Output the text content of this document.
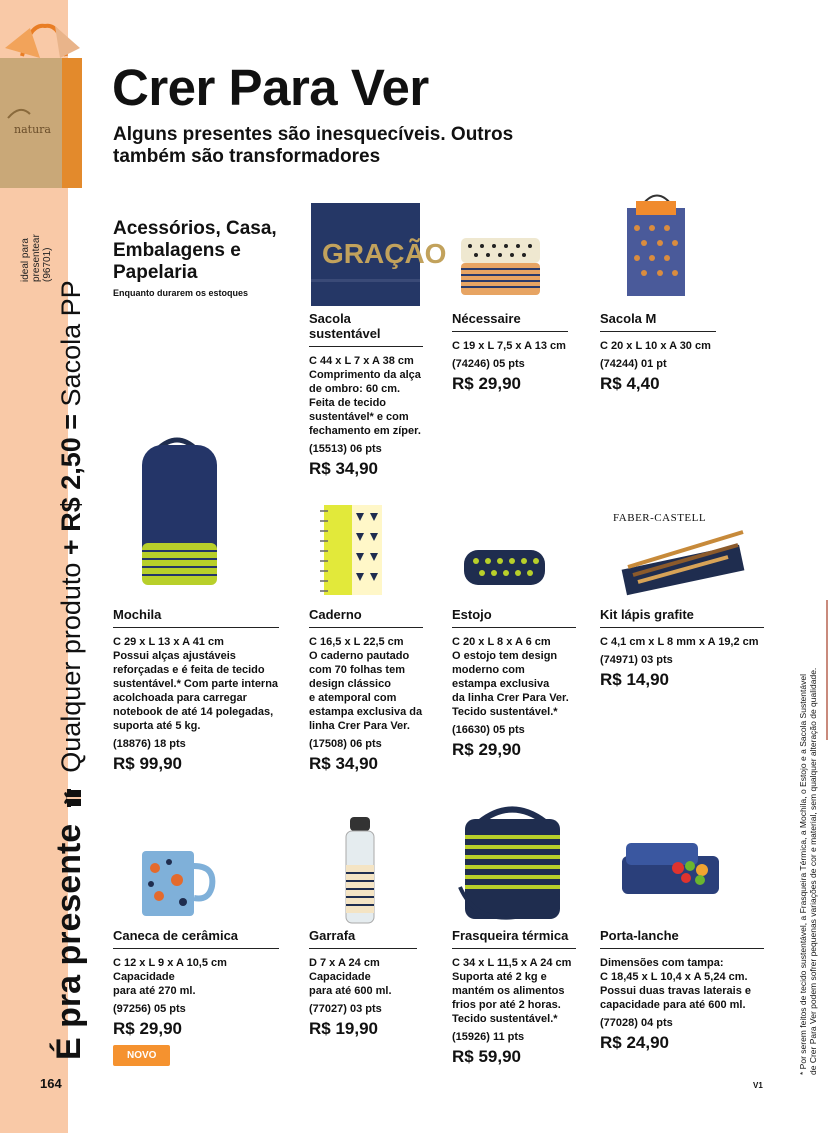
natura
ideal para
presentear
(96701)
É pra presente  Qualquer produto + R$ 2,50 = Sacola PP
164
Crer Para Ver
Alguns presentes são inesquecíveis. Outros também são transformadores
Acessórios, Casa, Embalagens e Papelaria
Enquanto durarem os estoques
GRAÇÃO
FABER-CASTELL
Sacola sustentável
C 44 x L 7 x A 38 cm
Comprimento da alça
de ombro: 60 cm.
Feita de tecido
sustentável* e com
fechamento em zíper.
(15513) 06 pts
R$ 34,90
Nécessaire
C 19 x L 7,5 x A 13 cm
(74246) 05 pts
R$ 29,90
Sacola M
C 20 x L 10 x A 30 cm
(74244) 01 pt
R$ 4,40
Mochila
C 29 x L 13 x A 41 cm
Possui alças ajustáveis
reforçadas e é feita de tecido
sustentável.* Com parte interna
acolchoada para carregar
notebook de até 14 polegadas,
suporta até 5 kg.
(18876) 18 pts
R$ 99,90
Caderno
C 16,5 x L 22,5 cm
O caderno pautado
com 70 folhas tem
design clássico
e atemporal com
estampa exclusiva da
linha Crer Para Ver.
(17508) 06 pts
R$ 34,90
Estojo
C 20 x L 8 x A 6 cm
O estojo tem design
moderno com
estampa exclusiva
da linha Crer Para Ver.
Tecido sustentável.*
(16630) 05 pts
R$ 29,90
Kit lápis grafite
C 4,1 cm x L 8 mm x A 19,2 cm
(74971) 03 pts
R$ 14,90
Caneca de cerâmica
C 12 x L 9 x A 10,5 cm
Capacidade
para até 270 ml.
(97256) 05 pts
R$ 29,90
NOVO
Garrafa
D 7 x A 24 cm
Capacidade
para até 600 ml.
(77027) 03 pts
R$ 19,90
Frasqueira térmica
C 34 x L 11,5 x A 24 cm
Suporta até 2 kg e
mantém os alimentos
frios por até 2 horas.
Tecido sustentável.*
(15926) 11 pts
R$ 59,90
Porta-lanche
Dimensões com tampa:
C 18,45 x L 10,4 x A 5,24 cm.
Possui duas travas laterais e
capacidade para até 600 ml.
(77028) 04 pts
R$ 24,90
* Por serem feitos de tecido sustentável, a Frasqueira Térmica, a Mochila, o Estojo e a Sacola Sustentável
de Crer Para Ver podem sofrer pequenas variações de cor e material, sem qualquer alteração de qualidade.
V1
